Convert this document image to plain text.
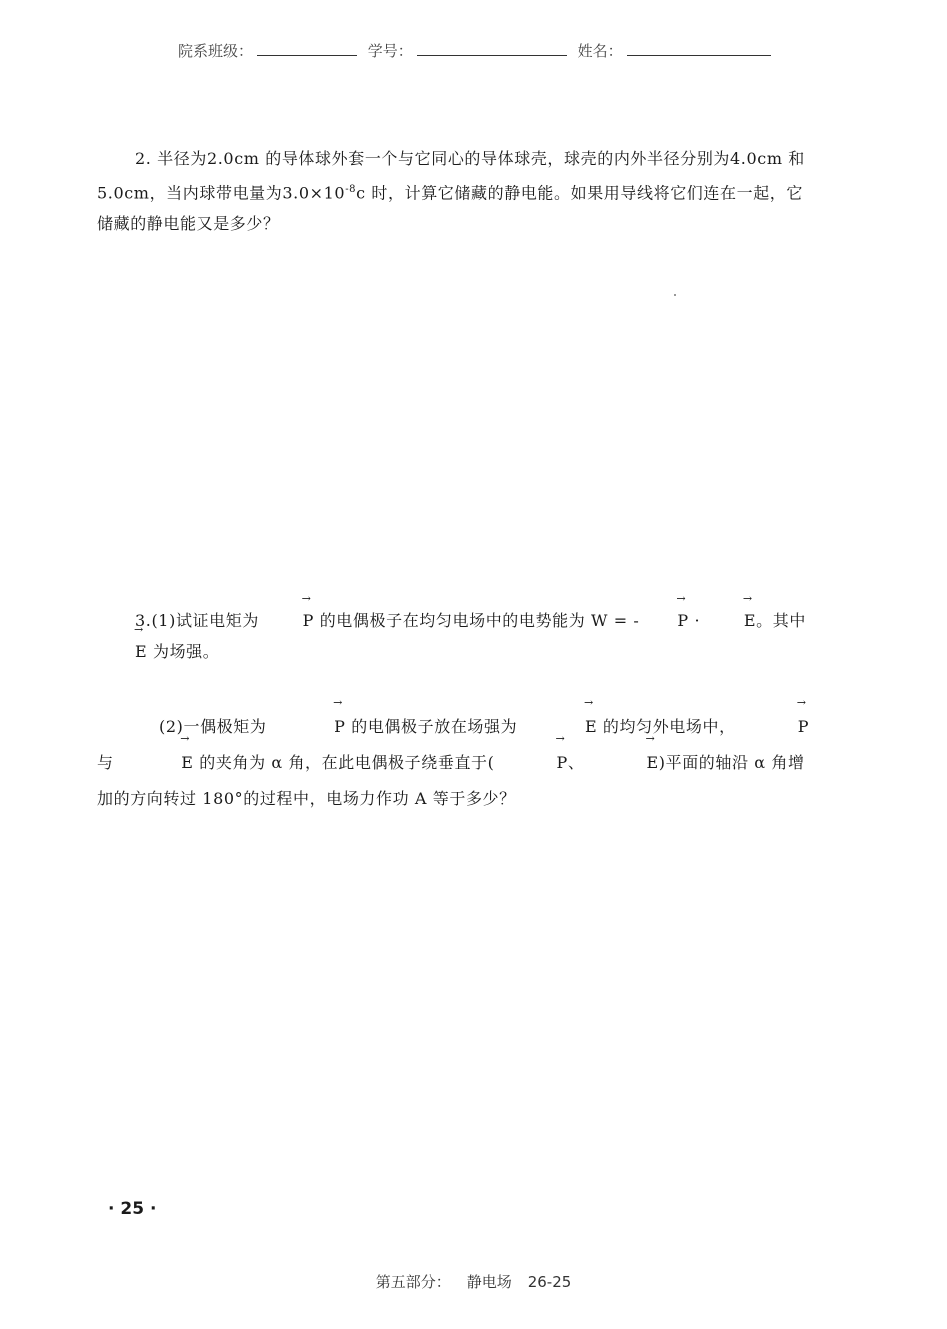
院系班级：	学号：	姓名：
2. 半径为2.0cm 的导体球外套一个与它同心的导体球壳，球壳的内外半径分别为4.0cm 和5.0cm，当内球带电量为$3.0\times 10^{-8}c$ 时，计算它储藏的静电能。如果用导线将它们连在一起，它储藏的静电能又是多少？
3.(1)试证电矩为	→ P 的电偶极子在均匀电场中的电势能为 W = - → P · → E。其中 → E 为场强。
(2)一偶极矩为	→ P 的电偶极子放在场强为	→ E 的均匀外电场中，	→ P 与	→ E 的夹角为 α 角，在此电偶极子绕垂直于(	→ P、	→ E)平面的轴沿 α 角增加的方向转过 180°的过程中，电场力作功 A 等于多少？
· 25 ·
第五部分： 静电场 26-25
